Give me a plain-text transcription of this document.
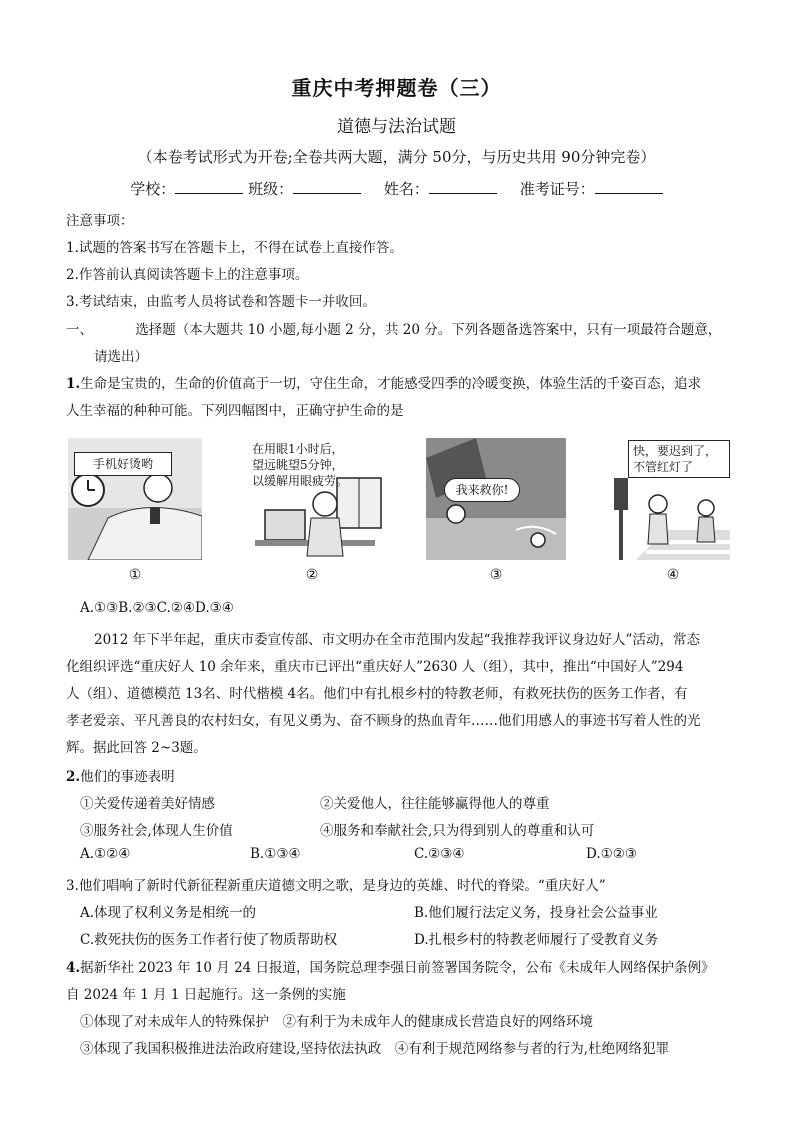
重庆中考押题卷（三）
道德与法治试题
（本卷考试形式为开卷;全卷共两大题，满分 50分，与历史共用 90分钟完卷）
学校：	班级：	姓名：	准考证号：
注意事项：
1.试题的答案书写在答题卡上，不得在试卷上直接作答。
2.作答前认真阅读答题卡上的注意事项。
3.考试结束，由监考人员将试卷和答题卡一并收回。
一、	选择题（本大题共 10 小题,每小题 2 分，共 20 分。下列各题备选答案中，只有一项最符合题意，
请选出）
1.生命是宝贵的，生命的价值高于一切，守住生命，才能感受四季的冷暖变换，体验生活的千姿百态，追求
人生幸福的种种可能。下列四幅图中，正确守护生命的是
手机好烫哟
①
在用眼1小时后，望远眺望5分钟，以缓解用眼疲劳。
②
我来救你!
③
快，要迟到了，不管红灯了
④
A.①③B.②③C.②④D.③④
2012 年下半年起，重庆市委宣传部、市文明办在全市范围内发起“我推荐我评议身边好人”活动，常态
化组织评选“重庆好人 10 余年来，重庆市已评出“重庆好人”2630 人（组），其中，推出“中国好人”294
人（组）、道德模范 13名、时代楷模 4名。他们中有扎根乡村的特教老师，有救死扶伤的医务工作者，有
孝老爱亲、平凡善良的农村妇女，有见义勇为、奋不顾身的热血青年……他们用感人的事迹书写着人性的光
辉。据此回答 2~3题。
2.他们的事迹表明
①关爱传递着美好情感	②关爱他人，往往能够赢得他人的尊重
③服务社会,体现人生价值	④服务和奉献社会,只为得到别人的尊重和认可
A.①②④	B.①③④	C.②③④	D.①②③
3.他们唱响了新时代新征程新重庆道德文明之歌，是身边的英雄、时代的脊梁。“重庆好人”
A.体现了权利义务是相统一的	B.他们履行法定义务，投身社会公益事业
C.救死扶伤的医务工作者行使了物质帮助权	D.扎根乡村的特教老师履行了受教育义务
4.据新华社 2023 年 10 月 24 日报道，国务院总理李强日前签署国务院令，公布《未成年人网络保护条例》
自 2024 年 1 月 1 日起施行。这一条例的实施
①体现了对未成年人的特殊保护　②有利于为未成年人的健康成长营造良好的网络环境
③体现了我国积极推进法治政府建设,坚持依法执政　④有利于规范网络参与者的行为,杜绝网络犯罪
